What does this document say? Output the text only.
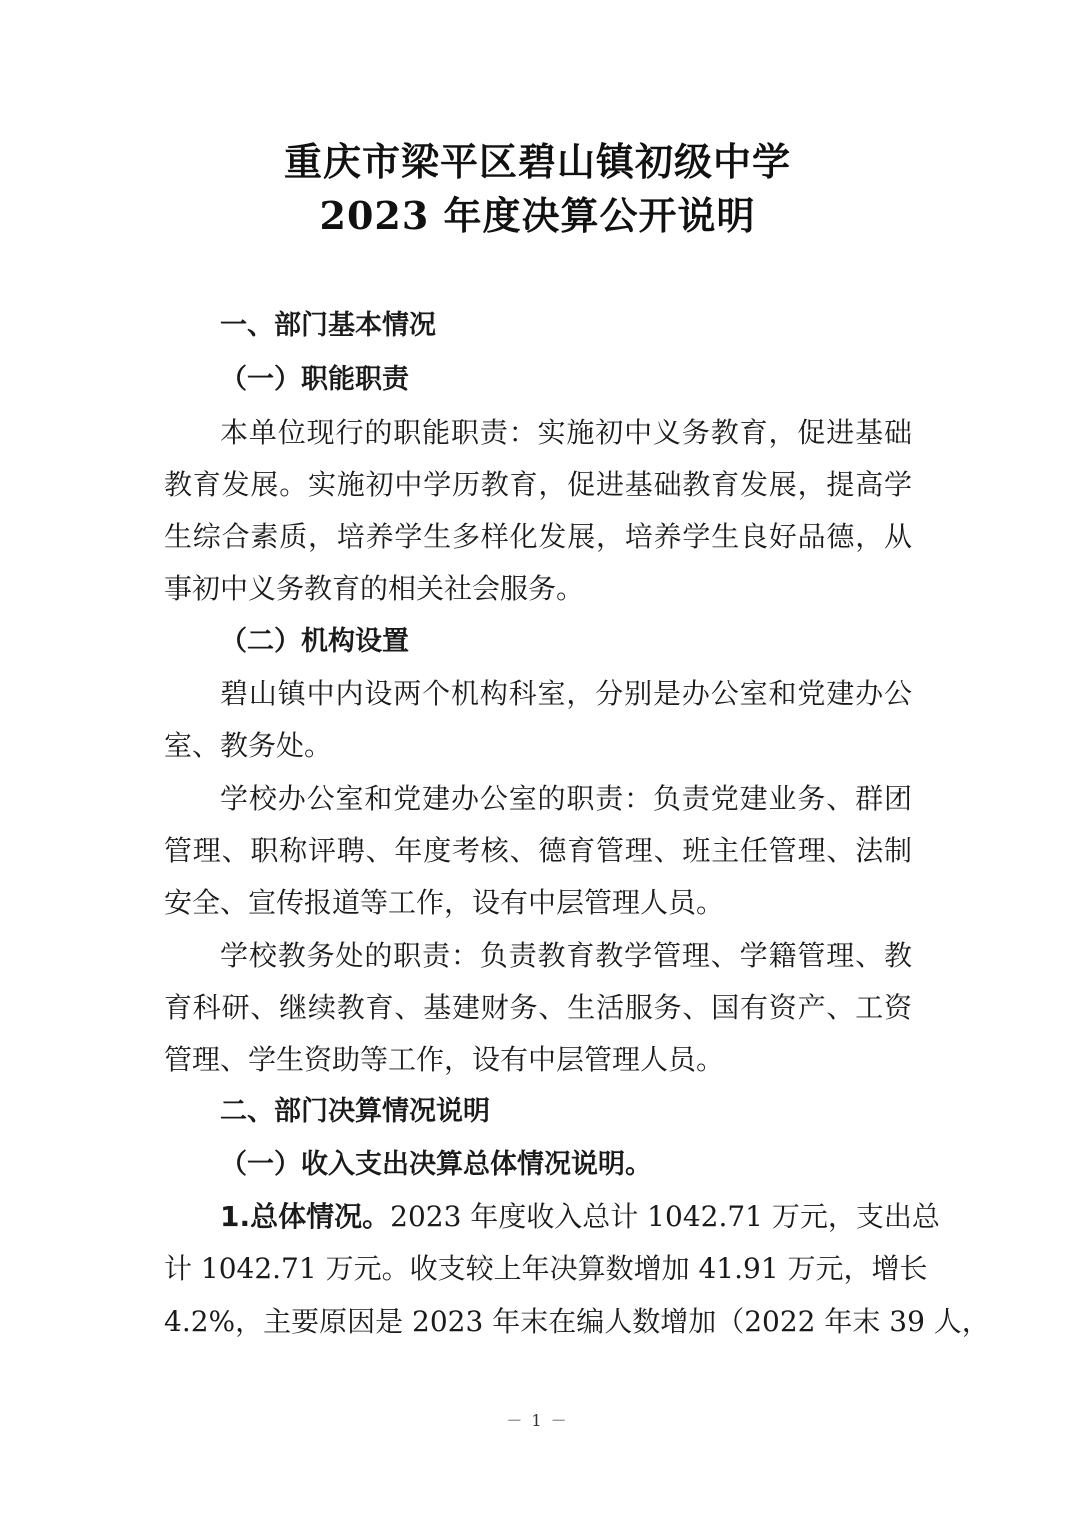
重庆市梁平区碧山镇初级中学
2023 年度决算公开说明
一、部门基本情况
（一）职能职责
本单位现行的职能职责：实施初中义务教育，促进基础
教育发展。实施初中学历教育，促进基础教育发展，提高学
生综合素质，培养学生多样化发展，培养学生良好品德，从
事初中义务教育的相关社会服务。
（二）机构设置
碧山镇中内设两个机构科室，分别是办公室和党建办公
室、教务处。
学校办公室和党建办公室的职责：负责党建业务、群团
管理、职称评聘、年度考核、德育管理、班主任管理、法制
安全、宣传报道等工作，设有中层管理人员。
学校教务处的职责：负责教育教学管理、学籍管理、教
育科研、继续教育、基建财务、生活服务、国有资产、工资
管理、学生资助等工作，设有中层管理人员。
二、部门决算情况说明
（一）收入支出决算总体情况说明。
1.总体情况。 2023 年度收入总计 1042.71 万元，支出总
计 1042.71 万元。收支较上年决算数增加 41.91 万元，增长
4.2%，主要原因是 2023 年末在编人数增加（2022 年末 39 人，
－ 1 －
